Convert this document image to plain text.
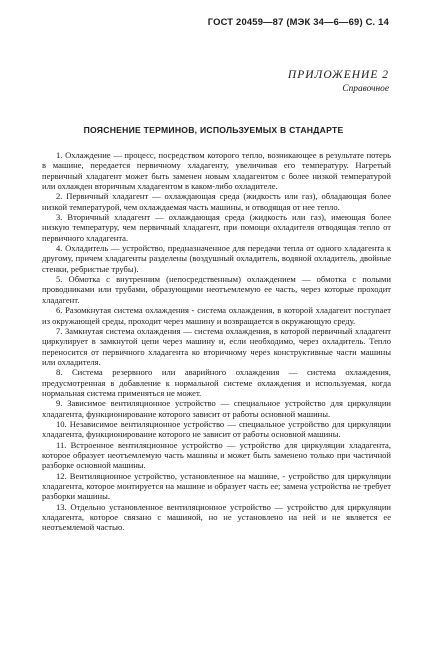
ГОСТ 20459—87 (МЭК 34—6—69) С. 14
ПРИЛОЖЕНИЕ 2
Справочное
ПОЯСНЕНИЕ ТЕРМИНОВ, ИСПОЛЬЗУЕМЫХ В СТАНДАРТЕ

1. Охлаждение — процесс, посредством которого тепло, возникающее в результате потерь в машине, передается первичному хладагенту, увеличивая его температуру. Нагретый первичный хладагент может быть заменен новым хладагентом с более низкой температурой или охлажден вторичным хладагентом в каком-либо охладителе.

2. Первичный хладагент — охлаждающая среда (жидкость или газ), обладающая более низкой температурой, чем охлаждаемая часть машины, и отводящая от нее тепло.

3. Вторичный хладагент — охлаждающая среда (жидкость или газ), имеющая более низкую температуру, чем первичный хладагент, при помощи охладителя отводящая тепло от первичного хладагента.

4. Охладитель — устройство, предназначенное для передачи тепла от одного хладагента к другому, причем хладагенты разделены (воздушный охладитель, водяной охладитель, двойные стенки, ребристые трубы).

5. Обмотка с внутренним (непосредственным) охлаждением — обмотка с полыми проводниками или трубами, образующими неотъемлемую ее часть, через которые проходит хладагент.

6. Разомкнутая система охлаждения - система охлаждения, в которой хладагент поступает из окружающей среды, проходит через машину и возвращается в окружающую среду.

7. Замкнутая система охлаждения — система охлаждения, в которой первичный хладагент циркулирует в замкнутой цепи через машину и, если необходимо, через охладитель. Тепло переносится от первичного хладагента ко вторичному через конструктивные части машины или охладителя.

8. Система резервного или аварийного охлаждения — система охлаждения, предусмотренная в добавление к нормальной системе охлаждения и используемая, когда нормальная система применяться не может.

9. Зависимое вентиляционное устройство — специальное устройство для циркуляции хладагента, функционирование которого зависит от работы основной машины.

10. Независимое вентиляционное устройство — специальное устройство для циркуляции хладагента, функционирование которого не зависит от работы основной машины.

11. Встроенное вентиляционное устройство — устройство для циркуляции хладагента, которое образует неотъемлемую часть машины и может быть заменено только при частичной разборке основной машины.

12. Вентиляционное устройство, установленное на машине, - устройство для циркуляции хладагента, которое монтируется на машине и образует часть ее; замена устройства не требует разборки машины.

13. Отдельно установленное вентиляционное устройство — устройство для циркуляции хладагента, которое связано с машиной, но не установлено на ней и не является ее неотъемлемой частью.
